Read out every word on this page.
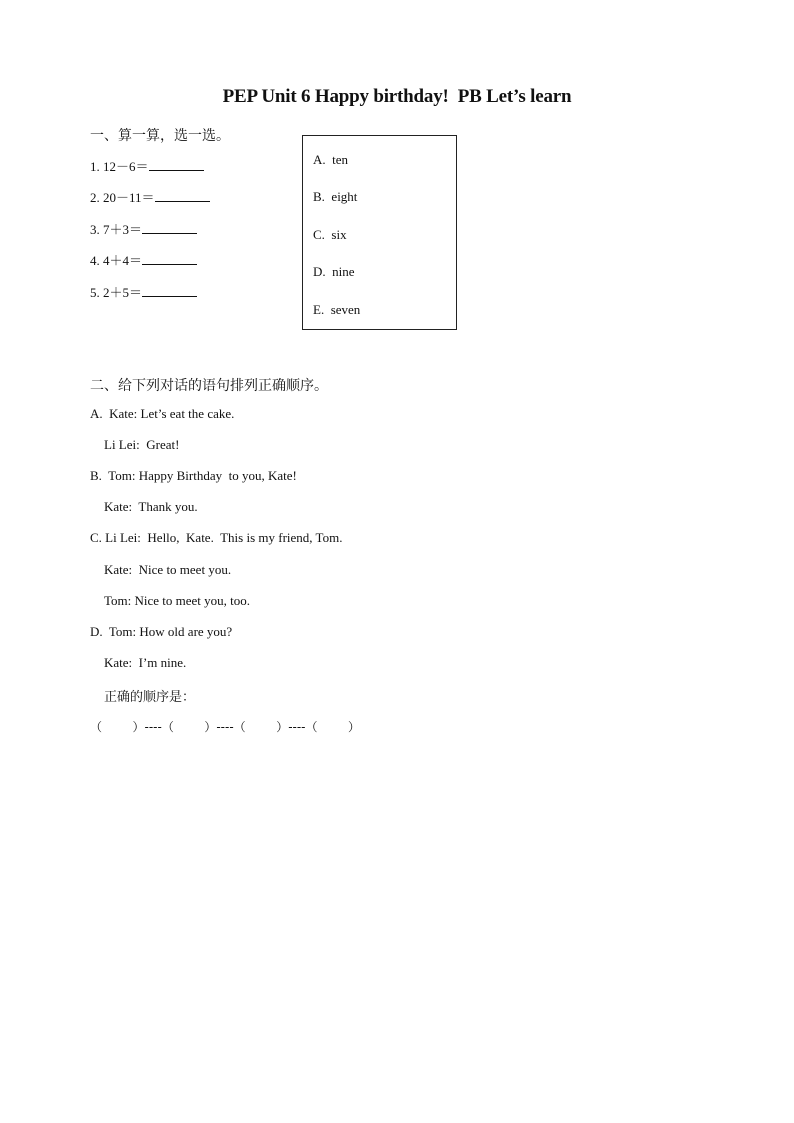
PEP Unit 6 Happy birthday!  PB Let’s learn
一、算一算，选一选。
1. 12－6＝
2. 20－11＝
3. 7＋3＝
4. 4＋4＝
5. 2＋5＝
A.  ten
B.  eight
C.  six
D.  nine
E.  seven
二、给下列对话的语句排列正确顺序。
A.  Kate: Let’s eat the cake.
Li Lei:  Great!
B.  Tom: Happy Birthday  to you, Kate!
Kate:  Thank you.
C. Li Lei:  Hello,  Kate.  This is my friend, Tom.
Kate:  Nice to meet you.
Tom: Nice to meet you, too.
D.  Tom: How old are you?
Kate:  I’m nine.
正确的顺序是：
（        ）----（        ）----（        ）----（        ）
